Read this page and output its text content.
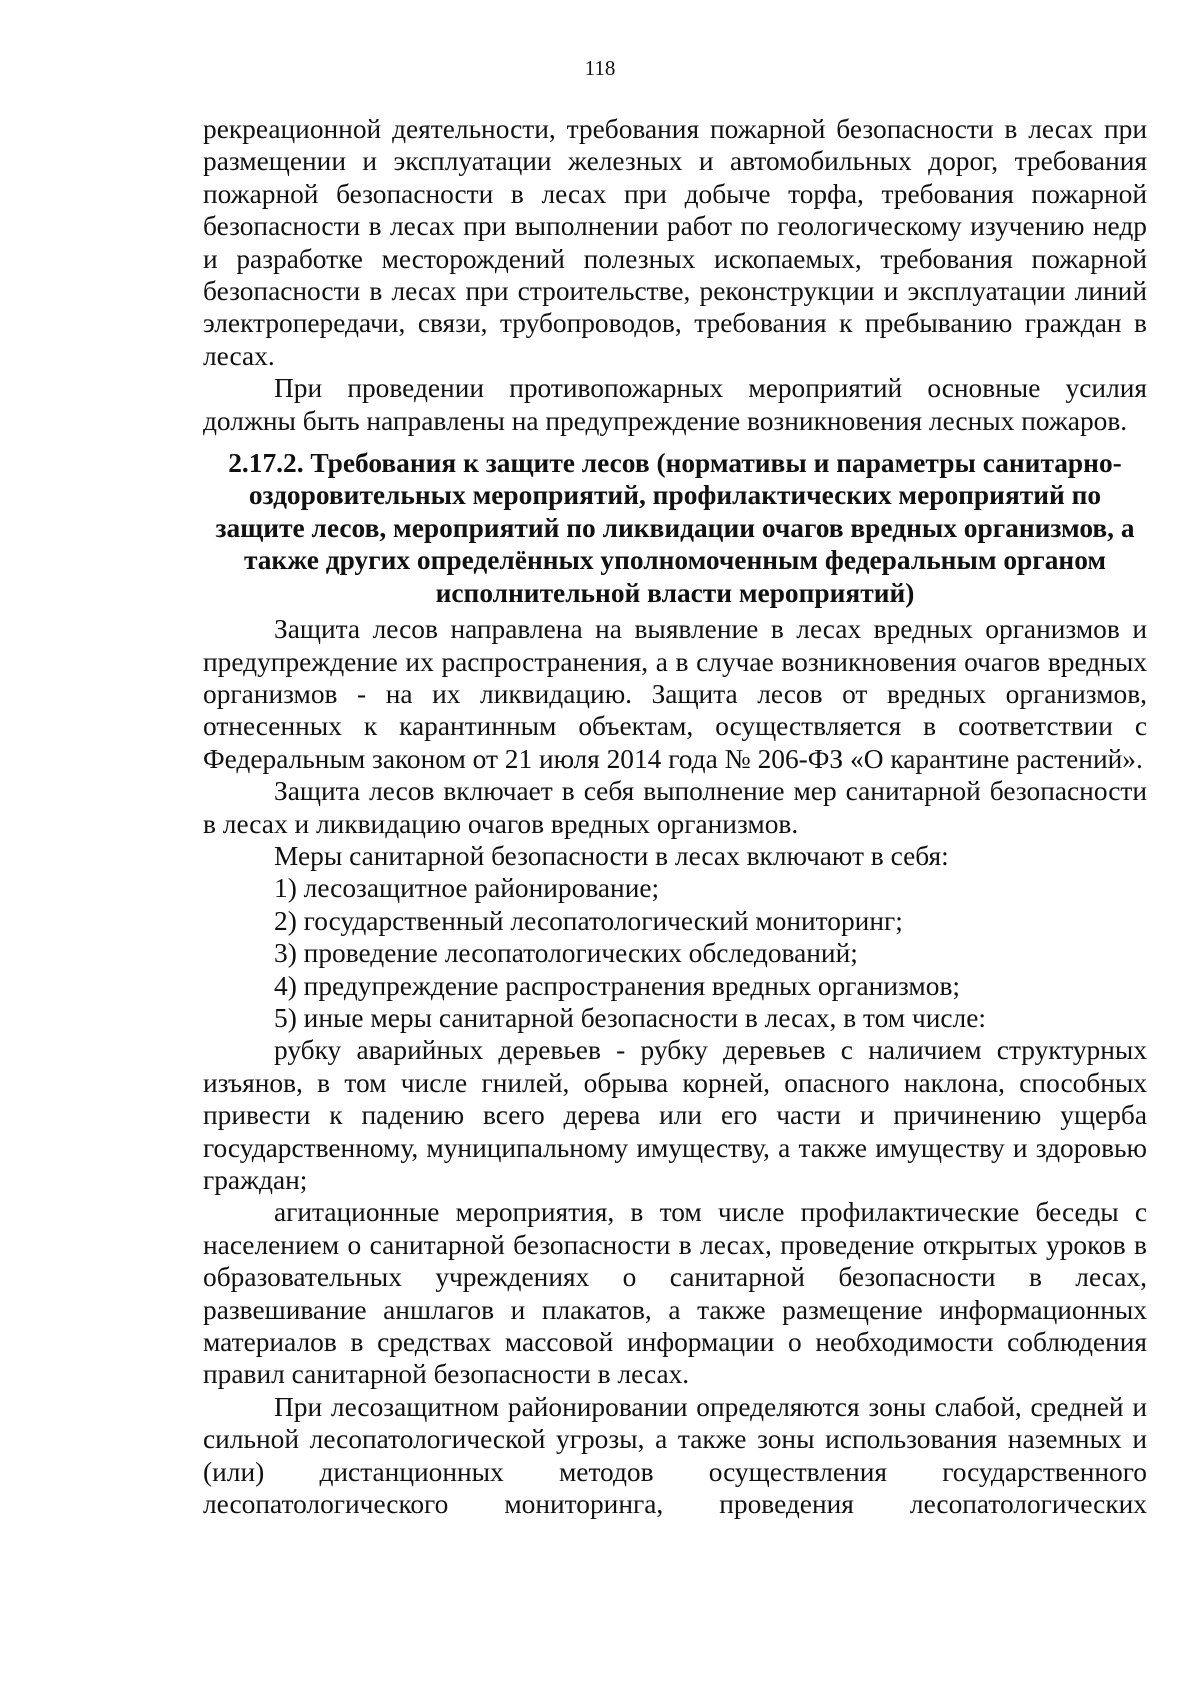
118

рекреационной деятельности, требования пожарной безопасности в лесах при размещении и эксплуатации железных и автомобильных дорог, требования пожарной безопасности в лесах при добыче торфа, требования пожарной безопасности в лесах при выполнении работ по геологическому изучению недр и разработке месторождений полезных ископаемых, требования пожарной безопасности в лесах при строительстве, реконструкции и эксплуатации линий электропередачи, связи, трубопроводов, требования к пребыванию граждан в лесах.

При проведении противопожарных мероприятий основные усилия должны быть направлены на предупреждение возникновения лесных пожаров.

2.17.2. Требования к защите лесов (нормативы и параметры санитарно-оздоровительных мероприятий, профилактических мероприятий по защите лесов, мероприятий по ликвидации очагов вредных организмов, а также других определённых уполномоченным федеральным органом исполнительной власти мероприятий)

Защита лесов направлена на выявление в лесах вредных организмов и предупреждение их распространения, а в случае возникновения очагов вредных организмов - на их ликвидацию. Защита лесов от вредных организмов, отнесенных к карантинным объектам, осуществляется в соответствии с Федеральным законом от 21 июля 2014 года № 206-ФЗ «О карантине растений».

Защита лесов включает в себя выполнение мер санитарной безопасности в лесах и ликвидацию очагов вредных организмов.

Меры санитарной безопасности в лесах включают в себя:

1) лесозащитное районирование;

2) государственный лесопатологический мониторинг;

3) проведение лесопатологических обследований;

4) предупреждение распространения вредных организмов;

5) иные меры санитарной безопасности в лесах, в том числе:

рубку аварийных деревьев - рубку деревьев с наличием структурных изъянов, в том числе гнилей, обрыва корней, опасного наклона, способных привести к падению всего дерева или его части и причинению ущерба государственному, муниципальному имуществу, а также имуществу и здоровью граждан;

агитационные мероприятия, в том числе профилактические беседы с населением о санитарной безопасности в лесах, проведение открытых уроков в образовательных учреждениях о санитарной безопасности в лесах, развешивание аншлагов и плакатов, а также размещение информационных материалов в средствах массовой информации о необходимости соблюдения правил санитарной безопасности в лесах.

При лесозащитном районировании определяются зоны слабой, средней и сильной лесопатологической угрозы, а также зоны использования наземных и (или) дистанционных методов осуществления государственного лесопатологического мониторинга, проведения лесопатологических
